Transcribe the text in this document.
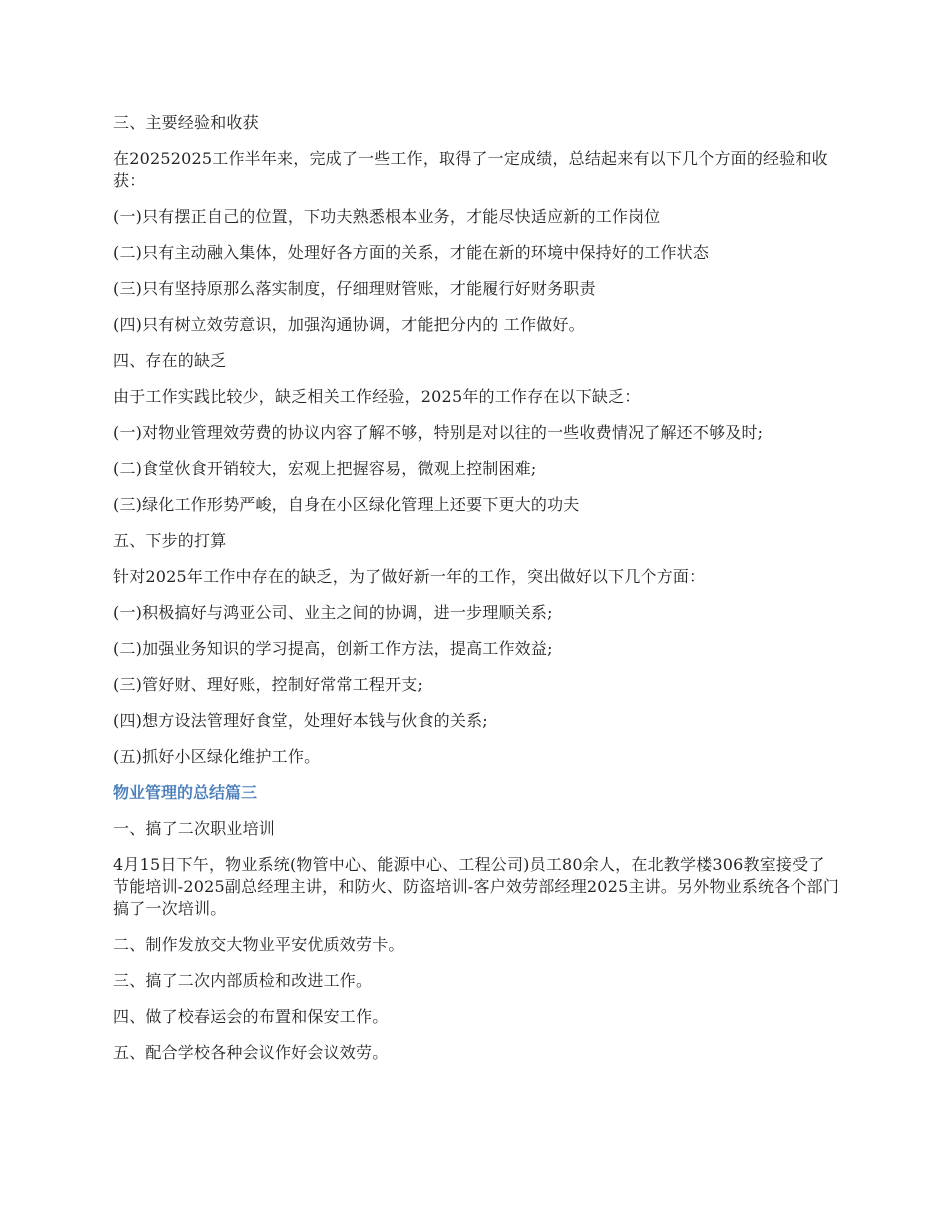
三、主要经验和收获

在20252025工作半年来，完成了一些工作，取得了一定成绩，总结起来有以下几个方面的经验和收获：

(一)只有摆正自己的位置，下功夫熟悉根本业务，才能尽快适应新的工作岗位

(二)只有主动融入集体，处理好各方面的关系，才能在新的环境中保持好的工作状态

(三)只有坚持原那么落实制度，仔细理财管账，才能履行好财务职责

(四)只有树立效劳意识，加强沟通协调，才能把分内的 工作做好。

四、存在的缺乏

由于工作实践比较少，缺乏相关工作经验，2025年的工作存在以下缺乏：

(一)对物业管理效劳费的协议内容了解不够，特别是对以往的一些收费情况了解还不够及时;

(二)食堂伙食开销较大，宏观上把握容易，微观上控制困难;

(三)绿化工作形势严峻，自身在小区绿化管理上还要下更大的功夫

五、下步的打算

针对2025年工作中存在的缺乏，为了做好新一年的工作，突出做好以下几个方面：

(一)积极搞好与鸿亚公司、业主之间的协调，进一步理顺关系;

(二)加强业务知识的学习提高，创新工作方法，提高工作效益;

(三)管好财、理好账，控制好常常工程开支;

(四)想方设法管理好食堂，处理好本钱与伙食的关系;

(五)抓好小区绿化维护工作。

物业管理的总结篇三

一、搞了二次职业培训

4月15日下午，物业系统(物管中心、能源中心、工程公司)员工80余人，在北教学楼306教室接受了节能培训-2025副总经理主讲，和防火、防盗培训-客户效劳部经理2025主讲。另外物业系统各个部门搞了一次培训。

二、制作发放交大物业平安优质效劳卡。

三、搞了二次内部质检和改进工作。

四、做了校春运会的布置和保安工作。

五、配合学校各种会议作好会议效劳。
